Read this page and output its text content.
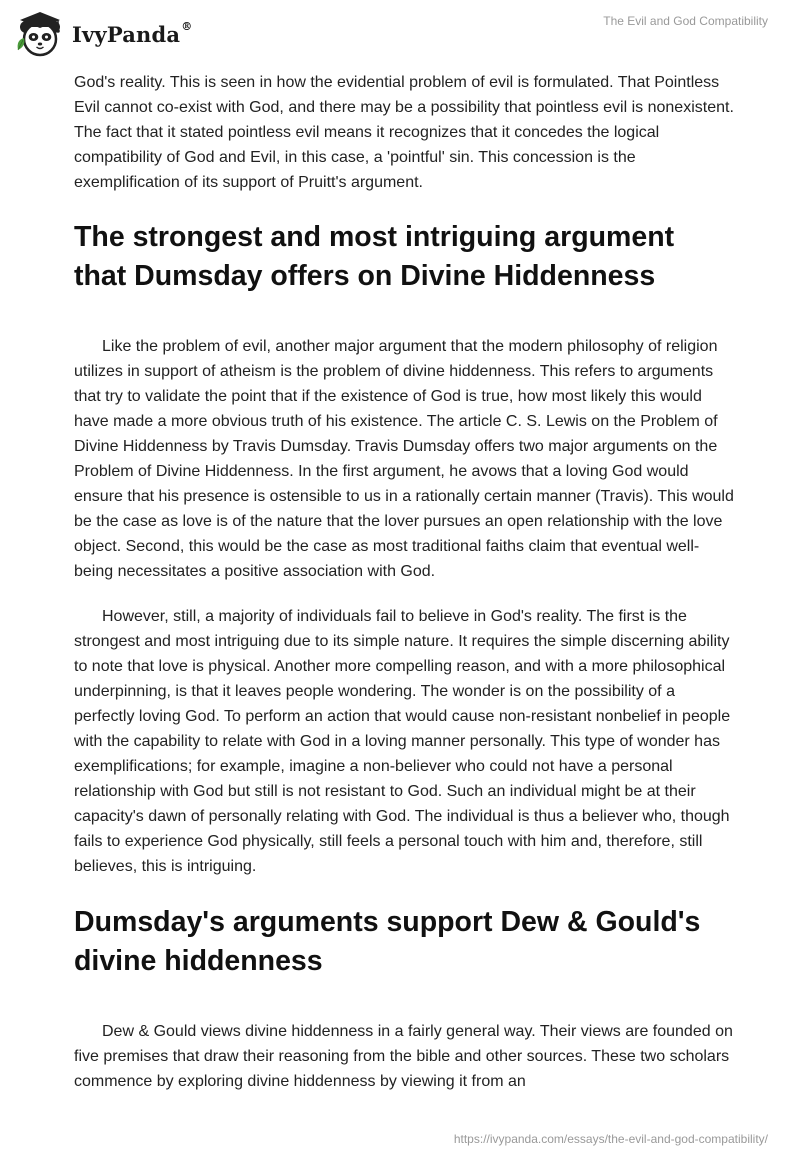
IvyPanda®	The Evil and God Compatibility

God's reality. This is seen in how the evidential problem of evil is formulated. That Pointless Evil cannot co-exist with God, and there may be a possibility that pointless evil is nonexistent. The fact that it stated pointless evil means it recognizes that it concedes the logical compatibility of God and Evil, in this case, a 'pointful' sin. This concession is the exemplification of its support of Pruitt's argument.

The strongest and most intriguing argument that Dumsday offers on Divine Hiddenness

Like the problem of evil, another major argument that the modern philosophy of religion utilizes in support of atheism is the problem of divine hiddenness. This refers to arguments that try to validate the point that if the existence of God is true, how most likely this would have made a more obvious truth of his existence. The article C. S. Lewis on the Problem of Divine Hiddenness by Travis Dumsday. Travis Dumsday offers two major arguments on the Problem of Divine Hiddenness. In the first argument, he avows that a loving God would ensure that his presence is ostensible to us in a rationally certain manner (Travis). This would be the case as love is of the nature that the lover pursues an open relationship with the love object. Second, this would be the case as most traditional faiths claim that eventual well-being necessitates a positive association with God.

However, still, a majority of individuals fail to believe in God's reality. The first is the strongest and most intriguing due to its simple nature. It requires the simple discerning ability to note that love is physical. Another more compelling reason, and with a more philosophical underpinning, is that it leaves people wondering. The wonder is on the possibility of a perfectly loving God. To perform an action that would cause non-resistant nonbelief in people with the capability to relate with God in a loving manner personally. This type of wonder has exemplifications; for example, imagine a non-believer who could not have a personal relationship with God but still is not resistant to God. Such an individual might be at their capacity's dawn of personally relating with God. The individual is thus a believer who, though fails to experience God physically, still feels a personal touch with him and, therefore, still believes, this is intriguing.

Dumsday's arguments support Dew & Gould's divine hiddenness

Dew & Gould views divine hiddenness in a fairly general way. Their views are founded on five premises that draw their reasoning from the bible and other sources. These two scholars commence by exploring divine hiddenness by viewing it from an

https://ivypanda.com/essays/the-evil-and-god-compatibility/
